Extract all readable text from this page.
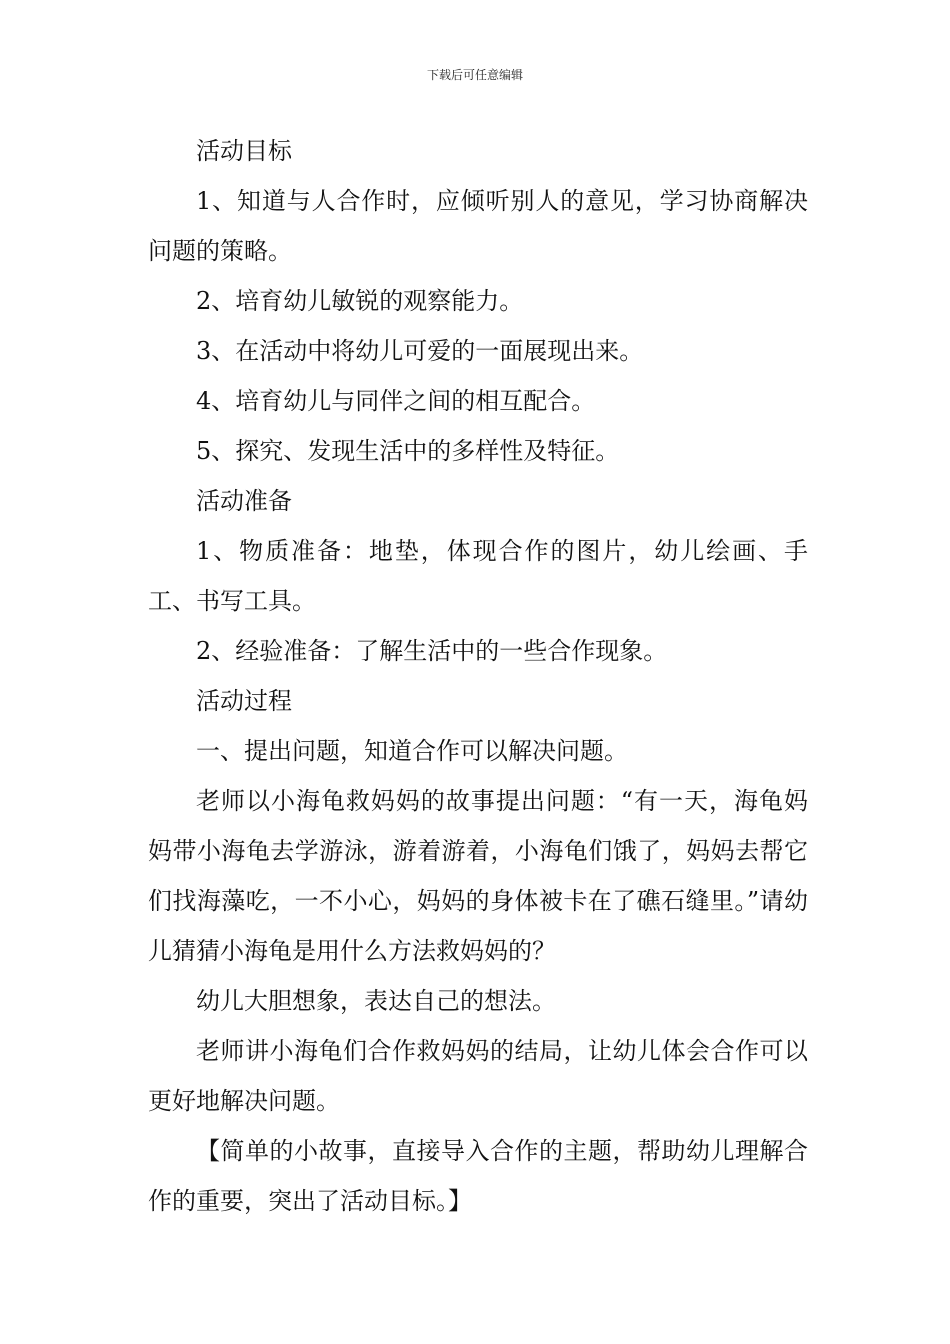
下载后可任意编辑

活动目标

1、知道与人合作时，应倾听别人的意见，学习协商解决问题的策略。

2、培育幼儿敏锐的观察能力。

3、在活动中将幼儿可爱的一面展现出来。

4、培育幼儿与同伴之间的相互配合。

5、探究、发现生活中的多样性及特征。

活动准备

1、物质准备：地垫，体现合作的图片，幼儿绘画、手工、书写工具。

2、经验准备：了解生活中的一些合作现象。

活动过程

一、提出问题，知道合作可以解决问题。

老师以小海龟救妈妈的故事提出问题：“有一天，海龟妈妈带小海龟去学游泳，游着游着，小海龟们饿了，妈妈去帮它们找海藻吃，一不小心，妈妈的身体被卡在了礁石缝里。”请幼儿猜猜小海龟是用什么方法救妈妈的？

幼儿大胆想象，表达自己的想法。

老师讲小海龟们合作救妈妈的结局，让幼儿体会合作可以更好地解决问题。

【简单的小故事，直接导入合作的主题，帮助幼儿理解合作的重要，突出了活动目标。】
